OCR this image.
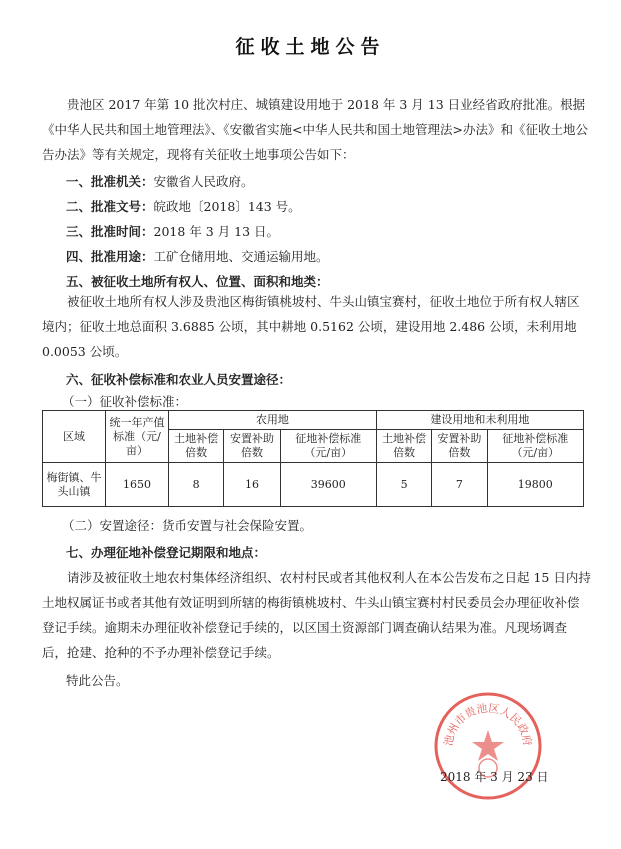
征收土地公告
贵池区 2017 年第 10 批次村庄、城镇建设用地于 2018 年 3 月 13 日业经省政府批准。根据《中华人民共和国土地管理法》、《安徽省实施<中华人民共和国土地管理法>办法》和《征收土地公告办法》等有关规定，现将有关征收土地事项公告如下：
一、批准机关：安徽省人民政府。
二、批准文号：皖政地〔2018〕143 号。
三、批准时间：2018 年 3 月 13 日。
四、批准用途：工矿仓储用地、交通运输用地。
五、被征收土地所有权人、位置、面积和地类：
被征收土地所有权人涉及贵池区梅街镇桃坡村、牛头山镇宝赛村，征收土地位于所有权人辖区境内；征收土地总面积 3.6885 公顷，其中耕地 0.5162 公顷，建设用地 2.486 公顷，未利用地 0.0053 公顷。
六、征收补偿标准和农业人员安置途径：
（一）征收补偿标准：
区域	统一年产值标准（元/亩）	农用地			建设用地和未利用地		
		土地补偿倍数	安置补助倍数	征地补偿标准（元/亩）	土地补偿倍数	安置补助倍数	征地补偿标准（元/亩）
梅街镇、牛头山镇	1650	8	16	39600	5	7	19800
（二）安置途径：货币安置与社会保险安置。
七、办理征地补偿登记期限和地点：
请涉及被征收土地农村集体经济组织、农村村民或者其他权利人在本公告发布之日起 15 日内持土地权属证书或者其他有效证明到所辖的梅街镇桃坡村、牛头山镇宝赛村村民委员会办理征收补偿登记手续。逾期未办理征收补偿登记手续的，以区国土资源部门调查确认结果为准。凡现场调查后，抢建、抢种的不予办理补偿登记手续。
特此公告。
池州市贵池区人民政府
2018 年 3 月 23 日
